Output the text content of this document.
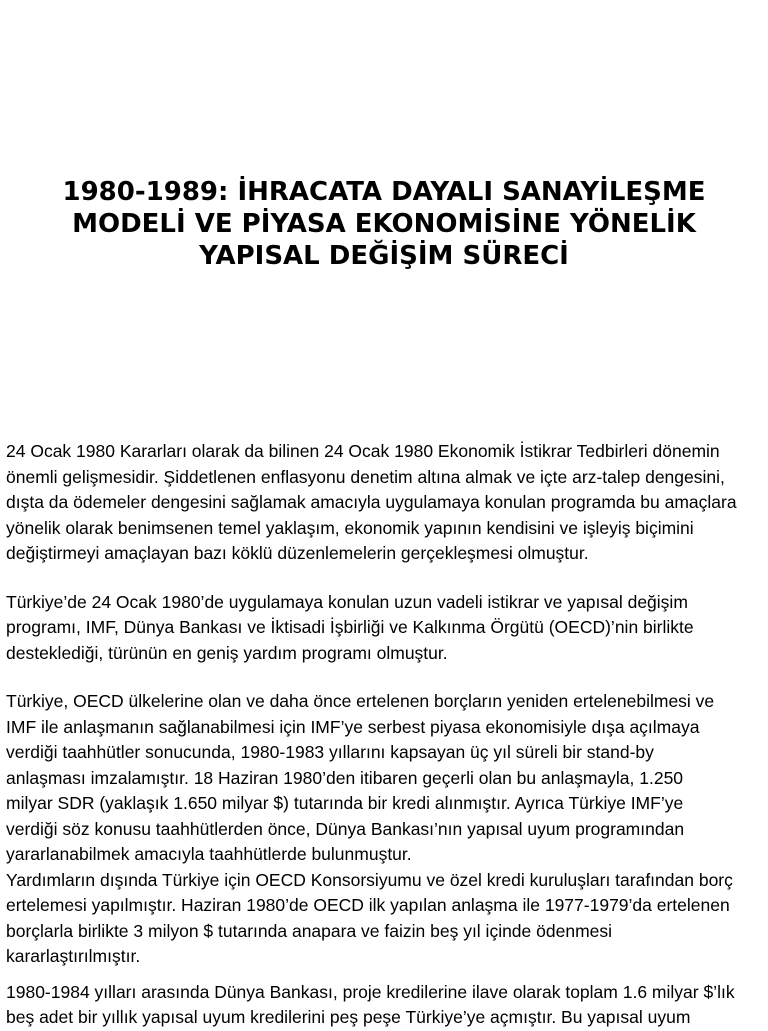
1980-1989: İHRACATA DAYALI SANAYİLEŞME
MODELİ VE PİYASA EKONOMİSİNE YÖNELİK
YAPISAL DEĞİŞİM SÜRECİ

24 Ocak 1980 Kararları olarak da bilinen 24 Ocak 1980 Ekonomik İstikrar Tedbirleri dönemin

önemli gelişmesidir. Şiddetlenen enflasyonu denetim altına almak ve içte arz-talep dengesini,

dışta da ödemeler dengesini sağlamak amacıyla uygulamaya konulan programda bu amaçlara

yönelik olarak benimsenen temel yaklaşım, ekonomik yapının kendisini ve işleyiş biçimini

değiştirmeyi amaçlayan bazı köklü düzenlemelerin gerçekleşmesi olmuştur.

Türkiye’de 24 Ocak 1980’de uygulamaya konulan uzun vadeli istikrar ve yapısal değişim

programı, IMF, Dünya Bankası ve İktisadi İşbirliği ve Kalkınma Örgütü (OECD)’nin birlikte

desteklediği, türünün en geniş yardım programı olmuştur.

Türkiye, OECD ülkelerine olan ve daha önce ertelenen borçların yeniden ertelenebilmesi ve

IMF ile anlaşmanın sağlanabilmesi için IMF’ye serbest piyasa ekonomisiyle dışa açılmaya

verdiği taahhütler sonucunda, 1980-1983 yıllarını kapsayan üç yıl süreli bir stand-by

anlaşması imzalamıştır. 18 Haziran 1980’den itibaren geçerli olan bu anlaşmayla, 1.250

milyar SDR (yaklaşık 1.650 milyar $) tutarında bir kredi alınmıştır. Ayrıca Türkiye IMF’ye

verdiği söz konusu taahhütlerden önce, Dünya Bankası’nın yapısal uyum programından

yararlanabilmek amacıyla taahhütlerde bulunmuştur.

Yardımların dışında Türkiye için OECD Konsorsiyumu ve özel kredi kuruluşları tarafından borç

ertelemesi yapılmıştır. Haziran 1980’de OECD ilk yapılan anlaşma ile 1977-1979’da ertelenen

borçlarla birlikte 3 milyon $ tutarında anapara ve faizin beş yıl içinde ödenmesi

kararlaştırılmıştır.

1980-1984 yılları arasında Dünya Bankası, proje kredilerine ilave olarak toplam 1.6 milyar $’lık

beş adet bir yıllık yapısal uyum kredilerini peş peşe Türkiye’ye açmıştır. Bu yapısal uyum
